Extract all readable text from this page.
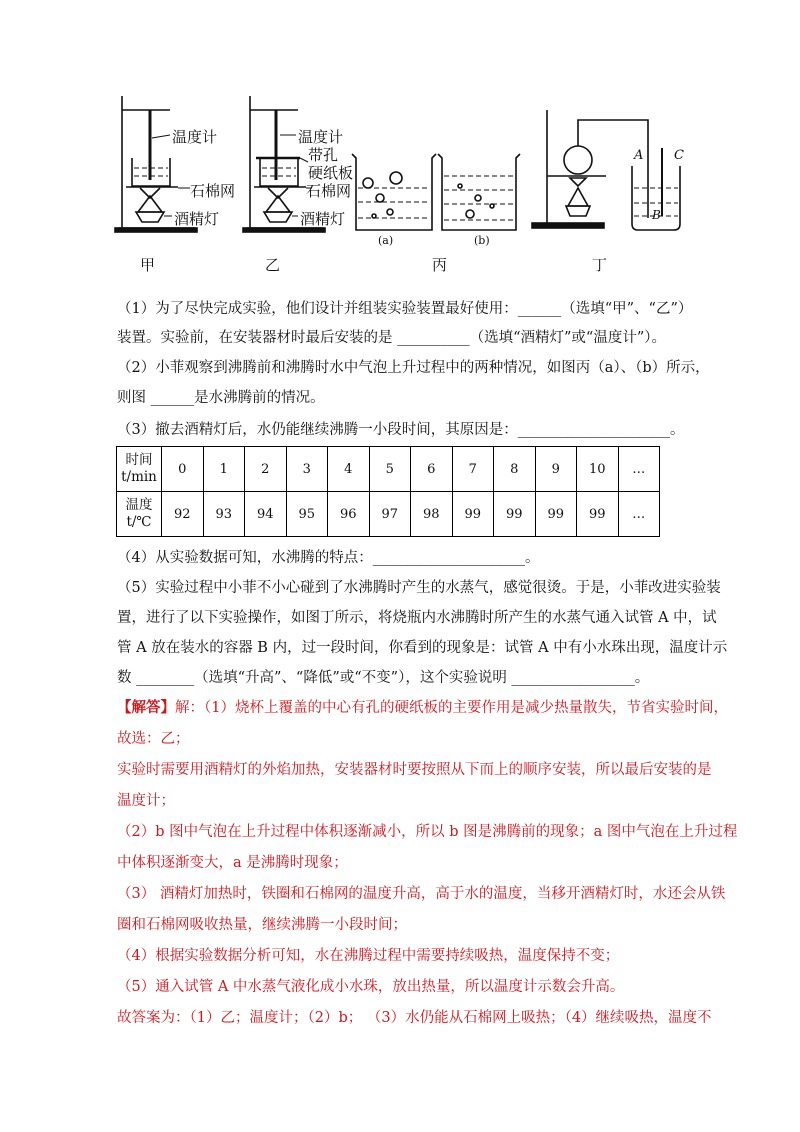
温度计
石棉网
酒精灯
温度计
带孔
硬纸板
石棉网
酒精灯
(a)	(b)
A C
B
甲	乙	丙	丁
（1）为了尽快完成实验，他们设计并组装实验装置最好使用：______（选填“甲”、“乙”）
装置。实验前，在安装器材时最后安装的是 __________（选填“酒精灯”或“温度计”）。
（2）小菲观察到沸腾前和沸腾时水中气泡上升过程中的两种情况，如图丙（a）、（b）所示，
则图 ______是水沸腾前的情况。
（3）撤去酒精灯后，水仍能继续沸腾一小段时间，其原因是：_____________________。
时间
t/min	0	1	2	3	4	5	6	7	8	9	10	…

温度
t/℃	92	93	94	95	96	97	98	99	99	99	99	…
（4）从实验数据可知，水沸腾的特点：_____________________。
（5）实验过程中小菲不小心碰到了水沸腾时产生的水蒸气，感觉很烫。于是，小菲改进实验装
置，进行了以下实验操作，如图丁所示，将烧瓶内水沸腾时所产生的水蒸气通入试管 A 中，试
管 A 放在装水的容器 B 内，过一段时间，你看到的现象是：试管 A 中有小水珠出现，温度计示
数 ________（选填“升高”、“降低”或“不变”），这个实验说明 _________________。
【解答】解：（1）烧杯上覆盖的中心有孔的硬纸板的主要作用是减少热量散失，节省实验时间，
故选：乙；
实验时需要用酒精灯的外焰加热，安装器材时要按照从下而上的顺序安装，所以最后安装的是
温度计；
（2）b 图中气泡在上升过程中体积逐渐减小，所以 b 图是沸腾前的现象；a 图中气泡在上升过程
中体积逐渐变大，a 是沸腾时现象；
（3） 酒精灯加热时，铁圈和石棉网的温度升高，高于水的温度，当移开酒精灯时，水还会从铁
圈和石棉网吸收热量，继续沸腾一小段时间；
（4）根据实验数据分析可知，水在沸腾过程中需要持续吸热，温度保持不变；
（5）通入试管 A 中水蒸气液化成小水珠，放出热量，所以温度计示数会升高。
故答案为：（1）乙；温度计；（2）b； （3）水仍能从石棉网上吸热；（4）继续吸热，温度不
